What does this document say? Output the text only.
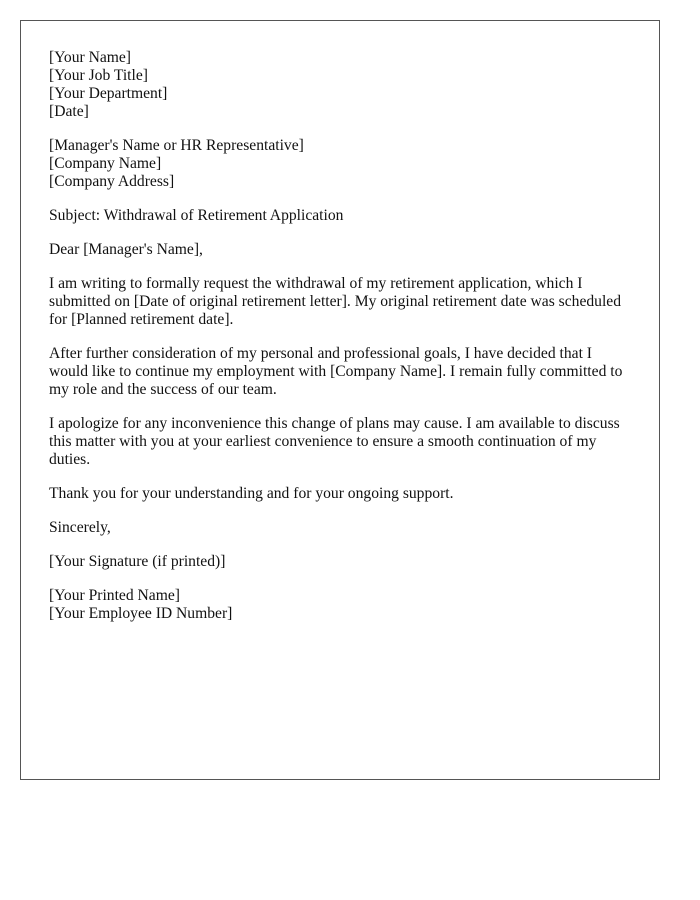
[Your Name]
[Your Job Title]
[Your Department]
[Date]
[Manager's Name or HR Representative]
[Company Name]
[Company Address]
Subject: Withdrawal of Retirement Application
Dear [Manager's Name],

I am writing to formally request the withdrawal of my retirement application, which I submitted on [Date of original retirement letter]. My original retirement date was scheduled for [Planned retirement date].

After further consideration of my personal and professional goals, I have decided that I would like to continue my employment with [Company Name]. I remain fully committed to my role and the success of our team.

I apologize for any inconvenience this change of plans may cause. I am available to discuss this matter with you at your earliest convenience to ensure a smooth continuation of my duties.

Thank you for your understanding and for your ongoing support.

Sincerely,
[Your Signature (if printed)]
[Your Printed Name]
[Your Employee ID Number]
